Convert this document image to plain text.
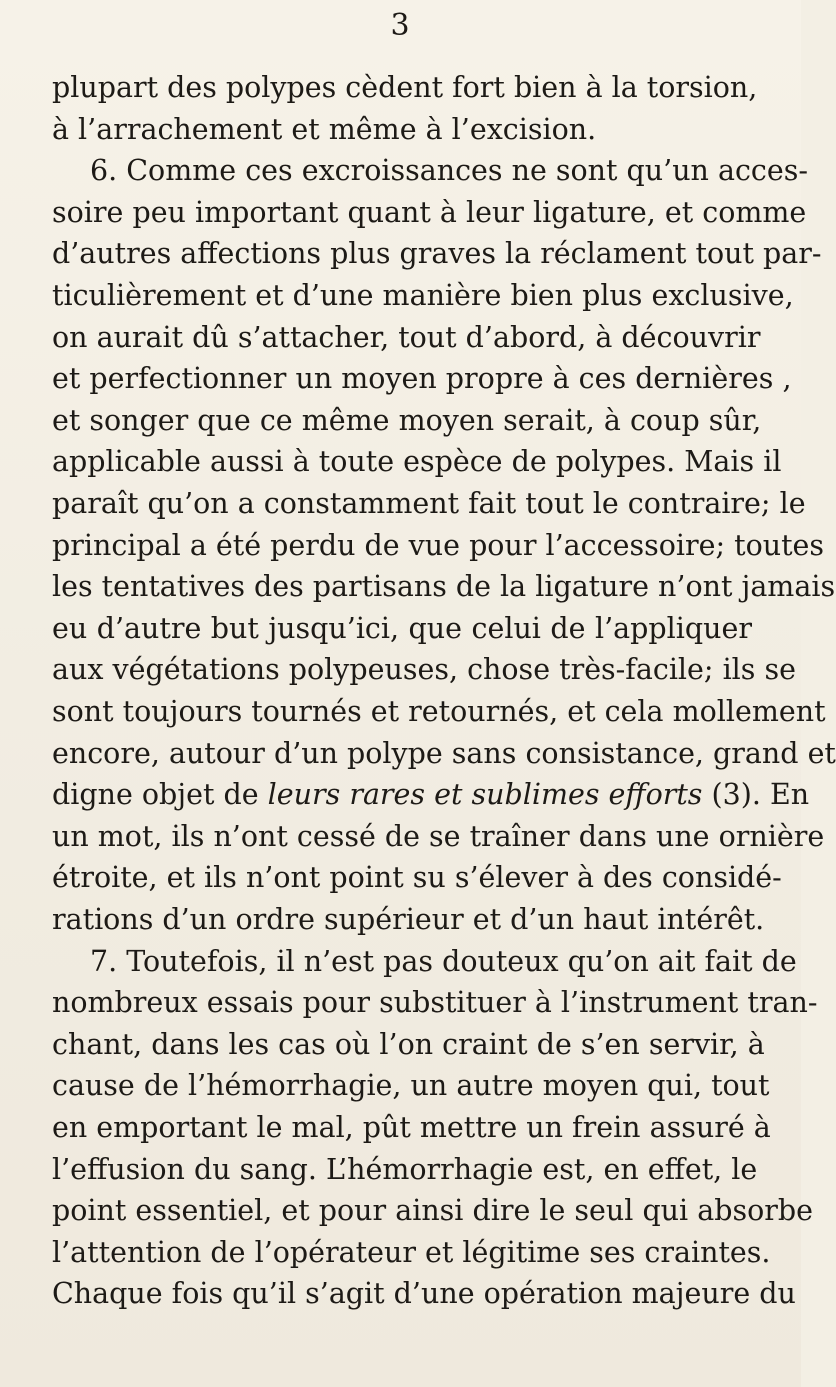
3
plupart des polypes cèdent fort bien à la torsion,
à l’arrachement et même à l’excision.
6. Comme ces excroissances ne sont qu’un acces-
soire peu important quant à leur ligature, et comme
d’autres affections plus graves la réclament tout par-
ticulièrement et d’une manière bien plus exclusive,
on aurait dû s’attacher, tout d’abord, à découvrir
et perfectionner un moyen propre à ces dernières ,
et songer que ce même moyen serait, à coup sûr,
applicable aussi à toute espèce de polypes. Mais il
paraît qu’on a constamment fait tout le contraire; le
principal a été perdu de vue pour l’accessoire; toutes
les tentatives des partisans de la ligature n’ont jamais
eu d’autre but jusqu’ici, que celui de l’appliquer
aux végétations polypeuses, chose très-facile; ils se
sont toujours tournés et retournés, et cela mollement
encore, autour d’un polype sans consistance, grand et
digne objet de leurs rares et sublimes efforts (3). En
un mot, ils n’ont cessé de se traîner dans une ornière
étroite, et ils n’ont point su s’élever à des considé-
rations d’un ordre supérieur et d’un haut intérêt.
7. Toutefois, il n’est pas douteux qu’on ait fait de
nombreux essais pour substituer à l’instrument tran-
chant, dans les cas où l’on craint de s’en servir, à
cause de l’hémorrhagie, un autre moyen qui, tout
en emportant le mal, pût mettre un frein assuré à
l’effusion du sang. L’hémorrhagie est, en effet, le
point essentiel, et pour ainsi dire le seul qui absorbe
l’attention de l’opérateur et légitime ses craintes.
Chaque fois qu’il s’agit d’une opération majeure du
